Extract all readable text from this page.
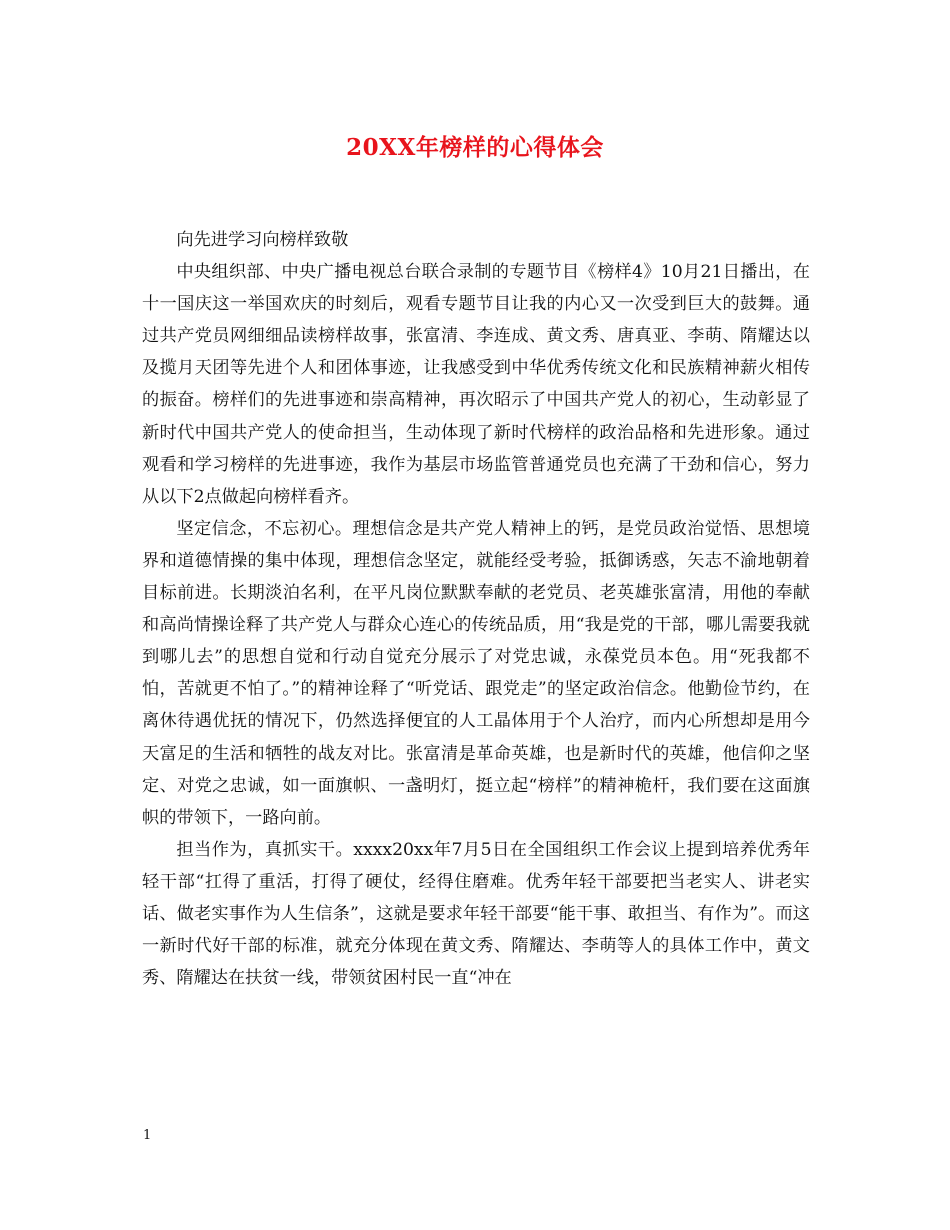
20XX年榜样的心得体会

向先进学习向榜样致敬

中央组织部、中央广播电视总台联合录制的专题节目《榜样4》10月21日播出，在十一国庆这一举国欢庆的时刻后，观看专题节目让我的内心又一次受到巨大的鼓舞。通过共产党员网细细品读榜样故事，张富清、李连成、黄文秀、唐真亚、李萌、隋耀达以及揽月天团等先进个人和团体事迹，让我感受到中华优秀传统文化和民族精神薪火相传的振奋。榜样们的先进事迹和崇高精神，再次昭示了中国共产党人的初心，生动彰显了新时代中国共产党人的使命担当，生动体现了新时代榜样的政治品格和先进形象。通过观看和学习榜样的先进事迹，我作为基层市场监管普通党员也充满了干劲和信心，努力从以下2点做起向榜样看齐。

坚定信念，不忘初心。理想信念是共产党人精神上的钙，是党员政治觉悟、思想境界和道德情操的集中体现，理想信念坚定，就能经受考验，抵御诱惑，矢志不渝地朝着目标前进。长期淡泊名利，在平凡岗位默默奉献的老党员、老英雄张富清，用他的奉献和高尚情操诠释了共产党人与群众心连心的传统品质，用“我是党的干部，哪儿需要我就到哪儿去”的思想自觉和行动自觉充分展示了对党忠诚，永葆党员本色。用“死我都不怕，苦就更不怕了。”的精神诠释了“听党话、跟党走”的坚定政治信念。他勤俭节约，在离休待遇优抚的情况下，仍然选择便宜的人工晶体用于个人治疗，而内心所想却是用今天富足的生活和牺牲的战友对比。张富清是革命英雄，也是新时代的英雄，他信仰之坚定、对党之忠诚，如一面旗帜、一盏明灯，挺立起“榜样”的精神桅杆，我们要在这面旗帜的带领下，一路向前。

担当作为，真抓实干。xxxx20xx年7月5日在全国组织工作会议上提到培养优秀年轻干部“扛得了重活，打得了硬仗，经得住磨难。优秀年轻干部要把当老实人、讲老实话、做老实事作为人生信条”，这就是要求年轻干部要“能干事、敢担当、有作为”。而这一新时代好干部的标准，就充分体现在黄文秀、隋耀达、李萌等人的具体工作中，黄文秀、隋耀达在扶贫一线，带领贫困村民一直“冲在

1
